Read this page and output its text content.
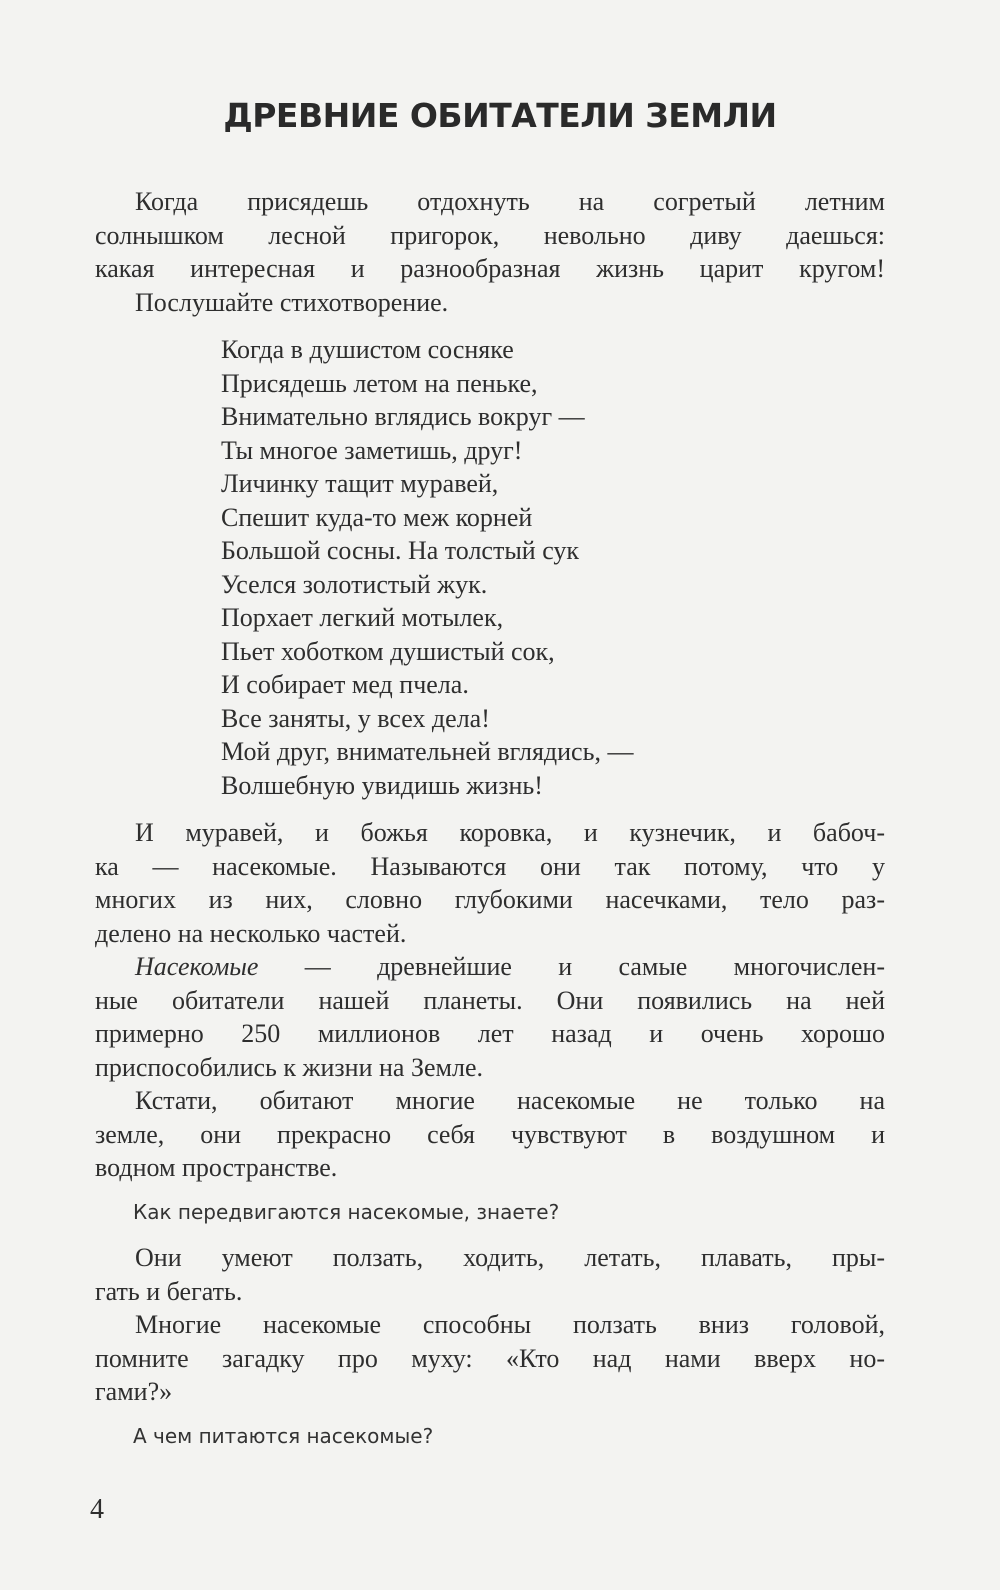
ДРЕВНИЕ ОБИТАТЕЛИ ЗЕМЛИ
Когда присядешь отдохнуть на согретый летним
солнышком лесной пригорок, невольно диву даешься:
какая интересная и разнообразная жизнь царит кругом!
Послушайте стихотворение.
Когда в душистом сосняке
Присядешь летом на пеньке,
Внимательно вглядись вокруг —
Ты многое заметишь, друг!
Личинку тащит муравей,
Спешит куда-то меж корней
Большой сосны. На толстый сук
Уселся золотистый жук.
Порхает легкий мотылек,
Пьет хоботком душистый сок,
И собирает мед пчела.
Все заняты, у всех дела!
Мой друг, внимательней вглядись, —
Волшебную увидишь жизнь!
И муравей, и божья коровка, и кузнечик, и бабоч-
ка — насекомые. Называются они так потому, что у
многих из них, словно глубокими насечками, тело раз-
делено на несколько частей.
Насекомые — древнейшие и самые многочислен-
ные обитатели нашей планеты. Они появились на ней
примерно 250 миллионов лет назад и очень хорошо
приспособились к жизни на Земле.
Кстати, обитают многие насекомые не только на
земле, они прекрасно себя чувствуют в воздушном и
водном пространстве.
Как передвигаются насекомые, знаете?
Они умеют ползать, ходить, летать, плавать, пры-
гать и бегать.
Многие насекомые способны ползать вниз головой,
помните загадку про муху: «Кто над нами вверх но-
гами?»
А чем питаются насекомые?
4
